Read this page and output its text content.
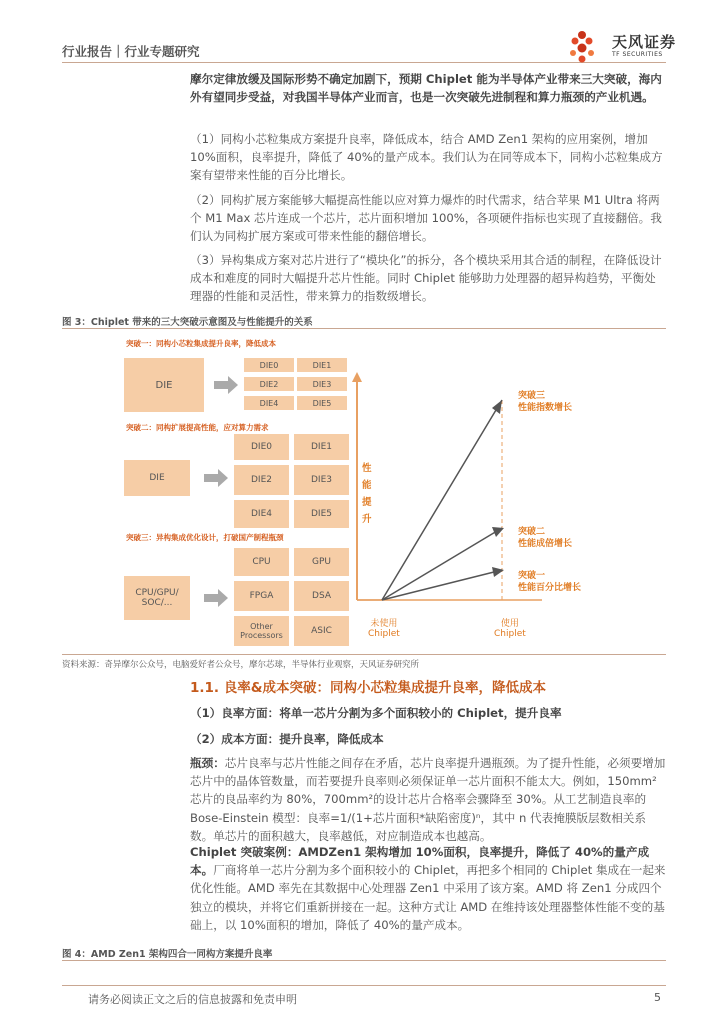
行业报告｜行业专题研究
天风证券
TF SECURITIES

摩尔定律放缓及国际形势不确定加剧下，预期 Chiplet 能为半导体产业带来三大突破，海内外有望同步受益，对我国半导体产业而言，也是一次突破先进制程和算力瓶颈的产业机遇。

（1）同构小芯粒集成方案提升良率，降低成本，结合 AMD Zen1 架构的应用案例，增加 10%面积，良率提升，降低了 40%的量产成本。我们认为在同等成本下，同构小芯粒集成方案有望带来性能的百分比增长。

（2）同构扩展方案能够大幅提高性能以应对算力爆炸的时代需求，结合苹果 M1 Ultra 将两个 M1 Max 芯片连成一个芯片，芯片面积增加 100%，各项硬件指标也实现了直接翻倍。我们认为同构扩展方案或可带来性能的翻倍增长。

（3）异构集成方案对芯片进行了“模块化”的拆分，各个模块采用其合适的制程，在降低设计成本和难度的同时大幅提升芯片性能。同时 Chiplet 能够助力处理器的超异构趋势，平衡处理器的性能和灵活性，带来算力的指数级增长。

图 3：Chiplet 带来的三大突破示意图及与性能提升的关系
突破一：同构小芯粒集成提升良率，降低成本
DIE
DIE0	DIE1
DIE2	DIE3
DIE4	DIE5
突破二：同构扩展提高性能，应对算力需求
DIE
DIE0	DIE1
DIE2	DIE3
DIE4	DIE5
突破三：异构集成优化设计，打破国产制程瓶颈
CPU/GPU/
SOC/...
CPU	GPU
FPGA	DSA
Other
Processors	ASIC
性
能
提
升
未使用
Chiplet
使用
Chiplet
突破三
性能指数增长
突破二
性能成倍增长
突破一
性能百分比增长
资料来源：奇异摩尔公众号，电脑爱好者公众号，摩尔芯球，半导体行业观察，天风证券研究所
1.1. 良率&成本突破：同构小芯粒集成提升良率，降低成本

（1）良率方面：将单一芯片分割为多个面积较小的 Chiplet，提升良率

（2）成本方面：提升良率，降低成本

瓶颈：芯片良率与芯片性能之间存在矛盾，芯片良率提升遇瓶颈。为了提升性能，必须要增加芯片中的晶体管数量，而若要提升良率则必须保证单一芯片面积不能太大。例如，150mm²芯片的良品率约为 80%，700mm²的设计芯片合格率会骤降至 30%。从工艺制造良率的 Bose-Einstein 模型：良率=1/(1+芯片面积*缺陷密度)ⁿ，其中 n 代表掩膜版层数相关系数。单芯片的面积越大，良率越低，对应制造成本也越高。

Chiplet 突破案例：AMDZen1 架构增加 10%面积，良率提升，降低了 40%的量产成本。厂商将单一芯片分割为多个面积较小的 Chiplet，再把多个相同的 Chiplet 集成在一起来优化性能。AMD 率先在其数据中心处理器 Zen1 中采用了该方案。AMD 将 Zen1 分成四个独立的模块，并将它们重新拼接在一起。这种方式让 AMD 在维持该处理器整体性能不变的基础上，以 10%面积的增加，降低了 40%的量产成本。

图 4：AMD Zen1 架构四合一同构方案提升良率
请务必阅读正文之后的信息披露和免责申明	5
